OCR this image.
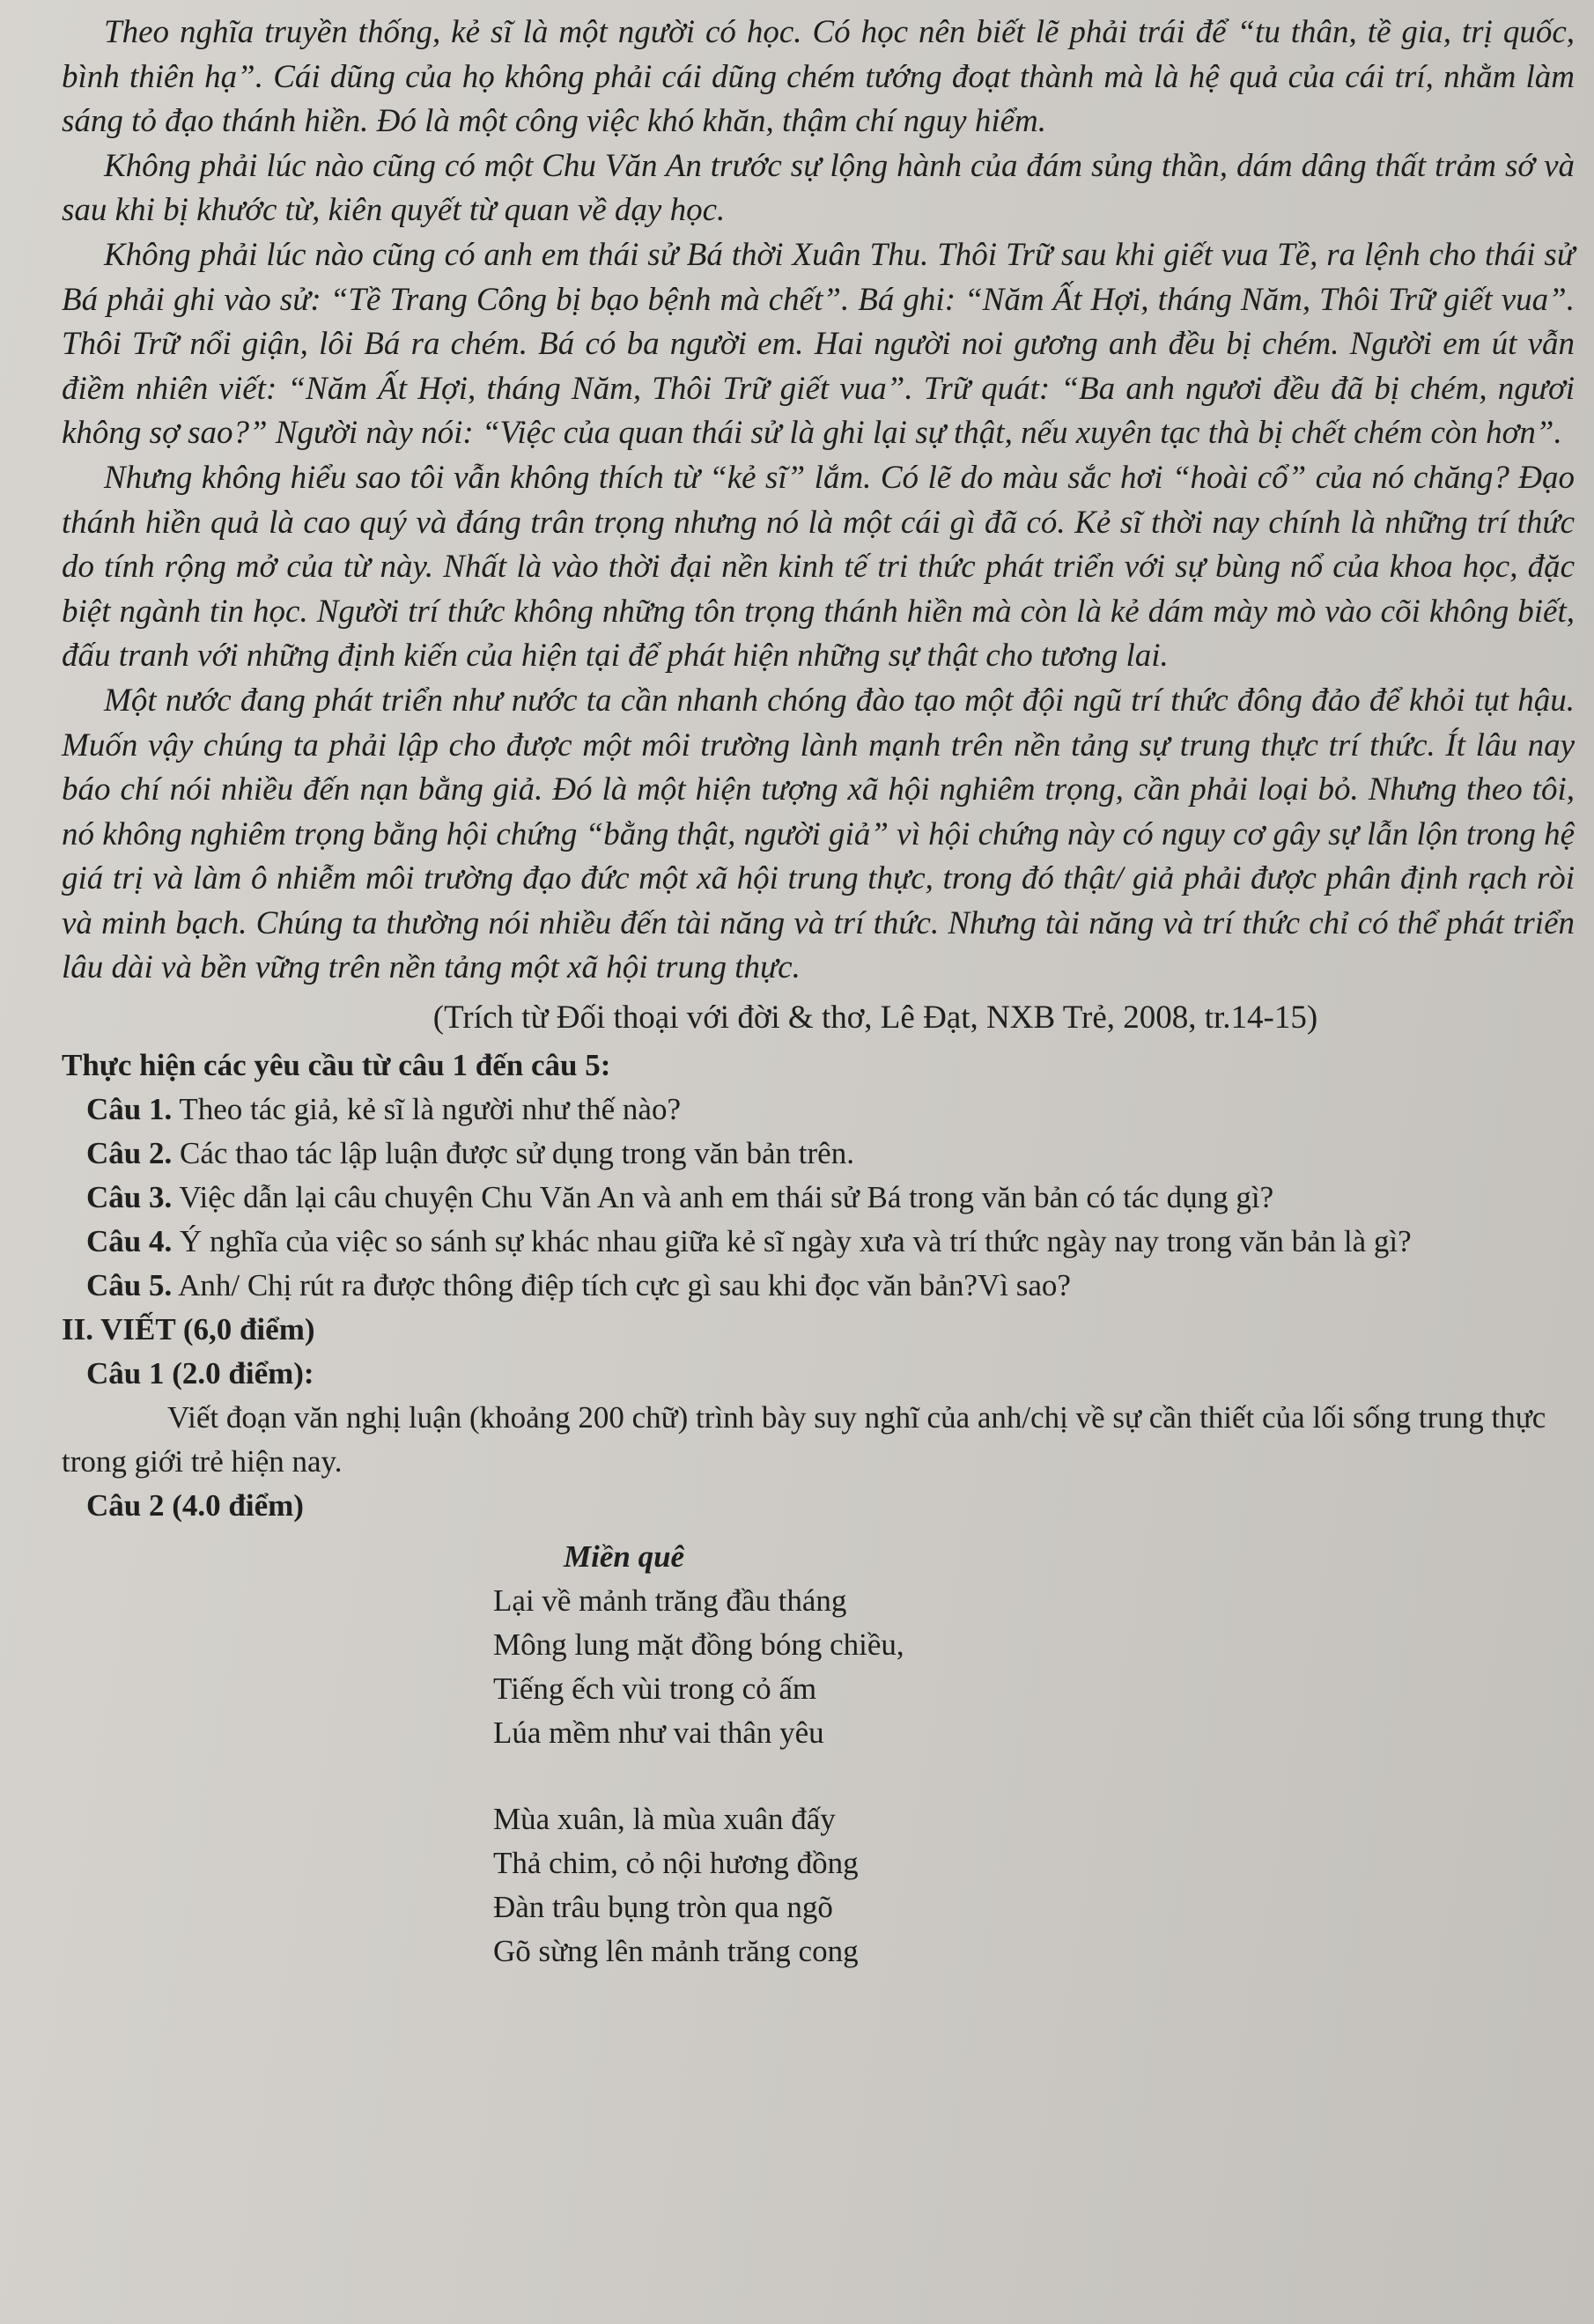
Theo nghĩa truyền thống, kẻ sĩ là một người có học. Có học nên biết lẽ phải trái để “tu thân, tề gia, trị quốc, bình thiên hạ”. Cái dũng của họ không phải cái dũng chém tướng đoạt thành mà là hệ quả của cái trí, nhằm làm sáng tỏ đạo thánh hiền. Đó là một công việc khó khăn, thậm chí nguy hiểm.

Không phải lúc nào cũng có một Chu Văn An trước sự lộng hành của đám sủng thần, dám dâng thất trảm sớ và sau khi bị khước từ, kiên quyết từ quan về dạy học.

Không phải lúc nào cũng có anh em thái sử Bá thời Xuân Thu. Thôi Trữ sau khi giết vua Tề, ra lệnh cho thái sử Bá phải ghi vào sử: “Tề Trang Công bị bạo bệnh mà chết”. Bá ghi: “Năm Ất Hợi, tháng Năm, Thôi Trữ giết vua”. Thôi Trữ nổi giận, lôi Bá ra chém. Bá có ba người em. Hai người noi gương anh đều bị chém. Người em út vẫn điềm nhiên viết: “Năm Ất Hợi, tháng Năm, Thôi Trữ giết vua”. Trữ quát: “Ba anh ngươi đều đã bị chém, ngươi không sợ sao?” Người này nói: “Việc của quan thái sử là ghi lại sự thật, nếu xuyên tạc thà bị chết chém còn hơn”.

Nhưng không hiểu sao tôi vẫn không thích từ “kẻ sĩ” lắm. Có lẽ do màu sắc hơi “hoài cổ” của nó chăng? Đạo thánh hiền quả là cao quý và đáng trân trọng nhưng nó là một cái gì đã có. Kẻ sĩ thời nay chính là những trí thức do tính rộng mở của từ này. Nhất là vào thời đại nền kinh tế tri thức phát triển với sự bùng nổ của khoa học, đặc biệt ngành tin học. Người trí thức không những tôn trọng thánh hiền mà còn là kẻ dám mày mò vào cõi không biết, đấu tranh với những định kiến của hiện tại để phát hiện những sự thật cho tương lai.

Một nước đang phát triển như nước ta cần nhanh chóng đào tạo một đội ngũ trí thức đông đảo để khỏi tụt hậu. Muốn vậy chúng ta phải lập cho được một môi trường lành mạnh trên nền tảng sự trung thực trí thức. Ít lâu nay báo chí nói nhiều đến nạn bằng giả. Đó là một hiện tượng xã hội nghiêm trọng, cần phải loại bỏ. Nhưng theo tôi, nó không nghiêm trọng bằng hội chứng “bằng thật, người giả” vì hội chứng này có nguy cơ gây sự lẫn lộn trong hệ giá trị và làm ô nhiễm môi trường đạo đức một xã hội trung thực, trong đó thật/ giả phải được phân định rạch ròi và minh bạch. Chúng ta thường nói nhiều đến tài năng và trí thức. Nhưng tài năng và trí thức chỉ có thể phát triển lâu dài và bền vững trên nền tảng một xã hội trung thực.

(Trích từ Đối thoại với đời & thơ, Lê Đạt, NXB Trẻ, 2008, tr.14-15)

Thực hiện các yêu cầu từ câu 1 đến câu 5:

Câu 1. Theo tác giả, kẻ sĩ là người như thế nào?

Câu 2. Các thao tác lập luận được sử dụng trong văn bản trên.

Câu 3. Việc dẫn lại câu chuyện Chu Văn An và anh em thái sử Bá trong văn bản có tác dụng gì?

Câu 4. Ý nghĩa của việc so sánh sự khác nhau giữa kẻ sĩ ngày xưa và trí thức ngày nay trong văn bản là gì?

Câu 5. Anh/ Chị rút ra được thông điệp tích cực gì sau khi đọc văn bản?Vì sao?

II. VIẾT (6,0 điểm)

Câu 1 (2.0 điểm):

Viết đoạn văn nghị luận (khoảng 200 chữ) trình bày suy nghĩ của anh/chị về sự cần thiết của lối sống trung thực trong giới trẻ hiện nay.

Câu 2 (4.0 điểm)

Miền quê

Lại về mảnh trăng đầu tháng
Mông lung mặt đồng bóng chiều,
Tiếng ếch vùi trong cỏ ấm
Lúa mềm như vai thân yêu
Mùa xuân, là mùa xuân đấy
Thả chim, cỏ nội hương đồng
Đàn trâu bụng tròn qua ngõ
Gõ sừng lên mảnh trăng cong
